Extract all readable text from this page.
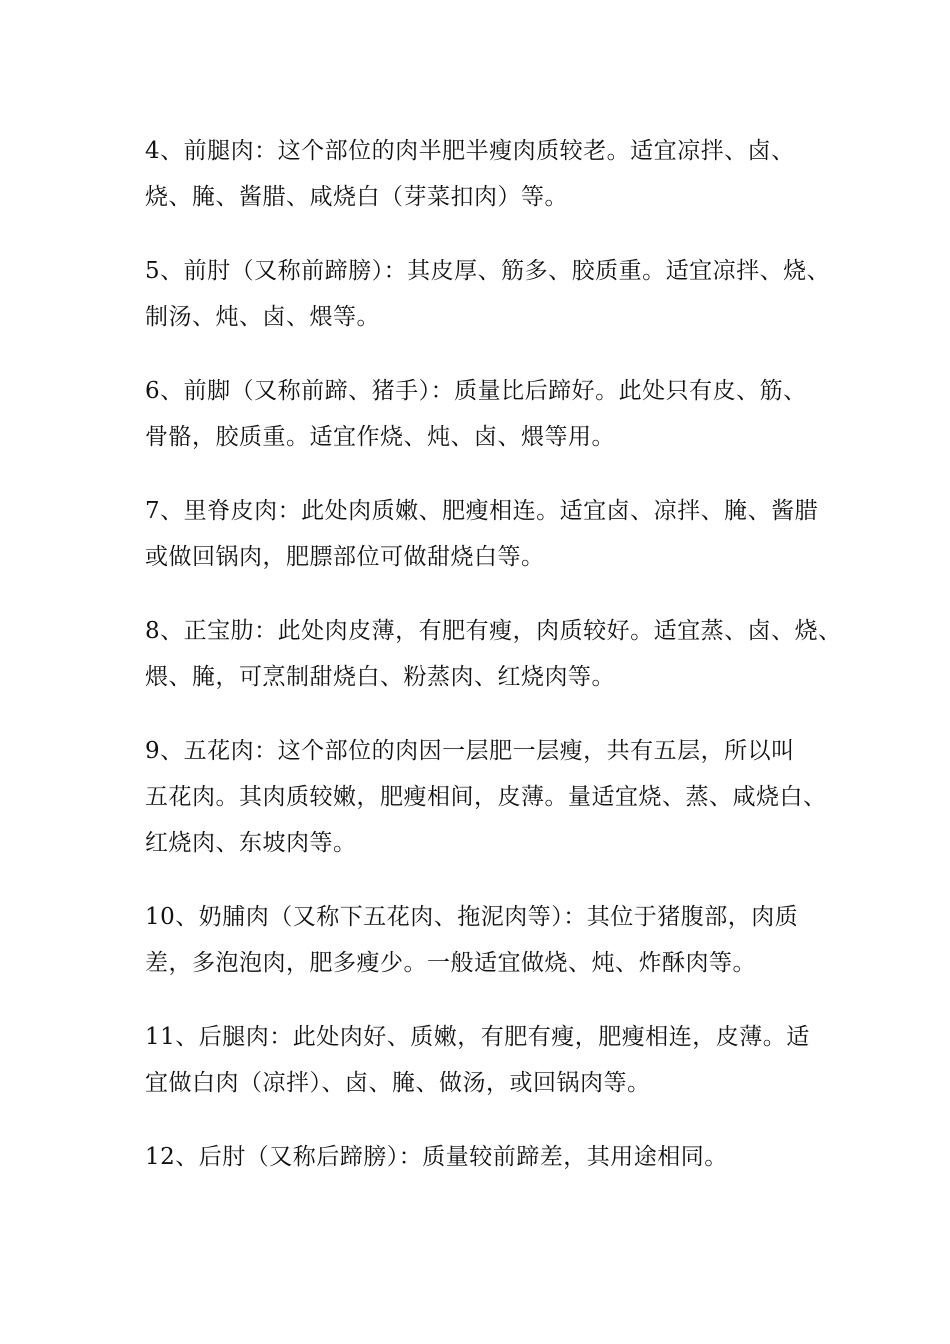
4、前腿肉：这个部位的肉半肥半瘦肉质较老。适宜凉拌、卤、
烧、腌、酱腊、咸烧白（芽菜扣肉）等。

5、前肘（又称前蹄膀）：其皮厚、筋多、胶质重。适宜凉拌、烧、
制汤、炖、卤、煨等。

6、前脚（又称前蹄、猪手）：质量比后蹄好。此处只有皮、筋、
骨骼，胶质重。适宜作烧、炖、卤、煨等用。

7、里脊皮肉：此处肉质嫩、肥瘦相连。适宜卤、凉拌、腌、酱腊
或做回锅肉，肥膘部位可做甜烧白等。

8、正宝肋：此处肉皮薄，有肥有瘦，肉质较好。适宜蒸、卤、烧、
煨、腌，可烹制甜烧白、粉蒸肉、红烧肉等。

9、五花肉：这个部位的肉因一层肥一层瘦，共有五层，所以叫
五花肉。其肉质较嫩，肥瘦相间，皮薄。量适宜烧、蒸、咸烧白、
红烧肉、东坡肉等。

10、奶脯肉（又称下五花肉、拖泥肉等）：其位于猪腹部，肉质
差，多泡泡肉，肥多瘦少。一般适宜做烧、炖、炸酥肉等。

11、后腿肉：此处肉好、质嫩，有肥有瘦，肥瘦相连，皮薄。适
宜做白肉（凉拌）、卤、腌、做汤，或回锅肉等。

12、后肘（又称后蹄膀）：质量较前蹄差，其用途相同。
